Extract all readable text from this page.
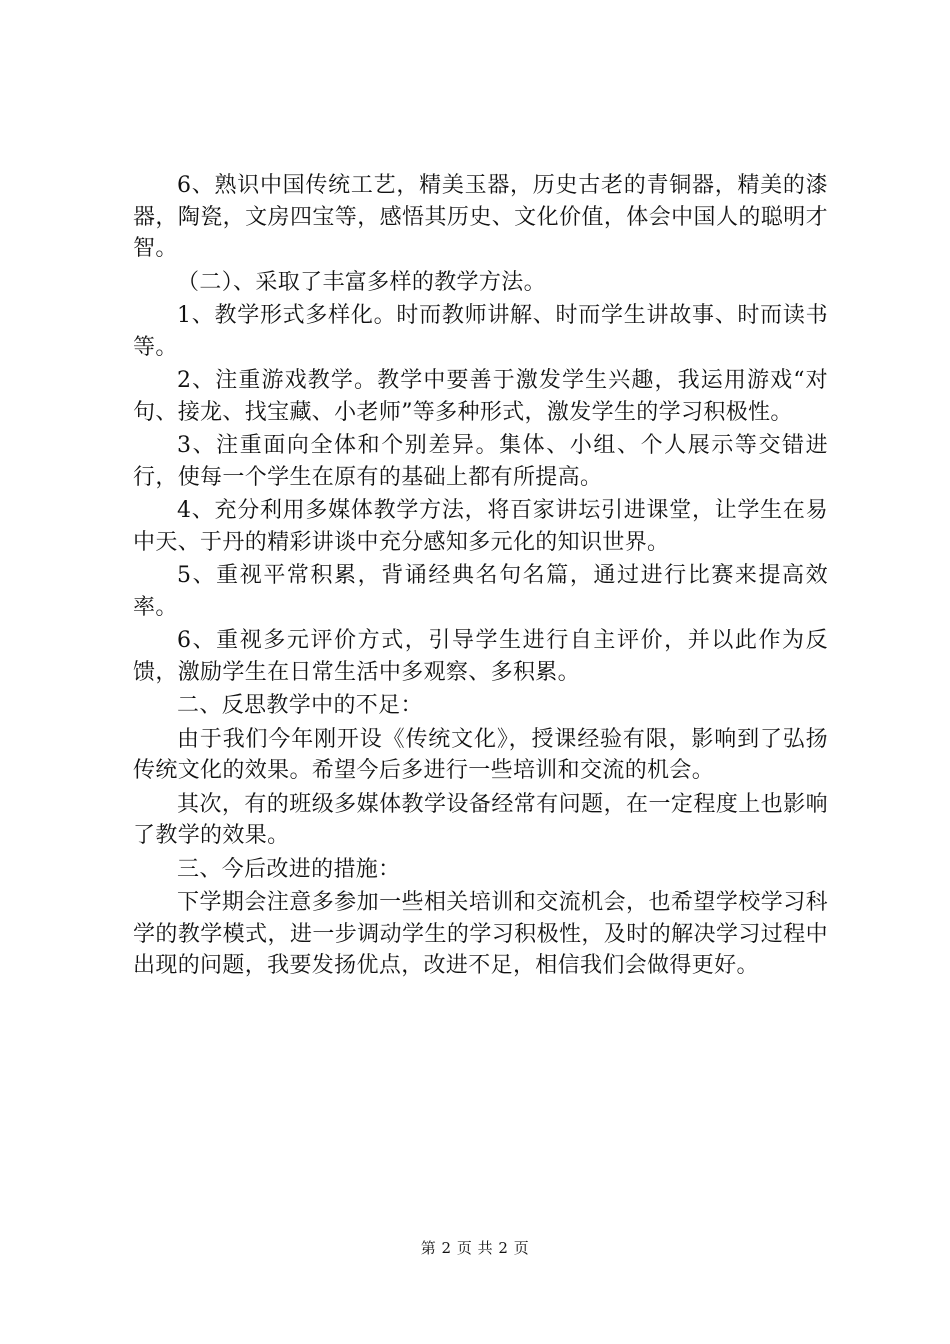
6、熟识中国传统工艺，精美玉器，历史古老的青铜器，精美的漆器，陶瓷，文房四宝等，感悟其历史、文化价值，体会中国人的聪明才智。

（二）、采取了丰富多样的教学方法。

1、教学形式多样化。时而教师讲解、时而学生讲故事、时而读书等。

2、注重游戏教学。教学中要善于激发学生兴趣，我运用游戏“对句、接龙、找宝藏、小老师”等多种形式，激发学生的学习积极性。

3、注重面向全体和个别差异。集体、小组、个人展示等交错进行，使每一个学生在原有的基础上都有所提高。

4、充分利用多媒体教学方法，将百家讲坛引进课堂，让学生在易中天、于丹的精彩讲谈中充分感知多元化的知识世界。

5、重视平常积累，背诵经典名句名篇，通过进行比赛来提高效率。

6、重视多元评价方式，引导学生进行自主评价，并以此作为反馈，激励学生在日常生活中多观察、多积累。

二、反思教学中的不足：

由于我们今年刚开设《传统文化》，授课经验有限，影响到了弘扬传统文化的效果。希望今后多进行一些培训和交流的机会。

其次，有的班级多媒体教学设备经常有问题，在一定程度上也影响了教学的效果。

三、今后改进的措施：

下学期会注意多参加一些相关培训和交流机会，也希望学校学习科学的教学模式，进一步调动学生的学习积极性，及时的解决学习过程中出现的问题，我要发扬优点，改进不足，相信我们会做得更好。

第 2 页 共 2 页
